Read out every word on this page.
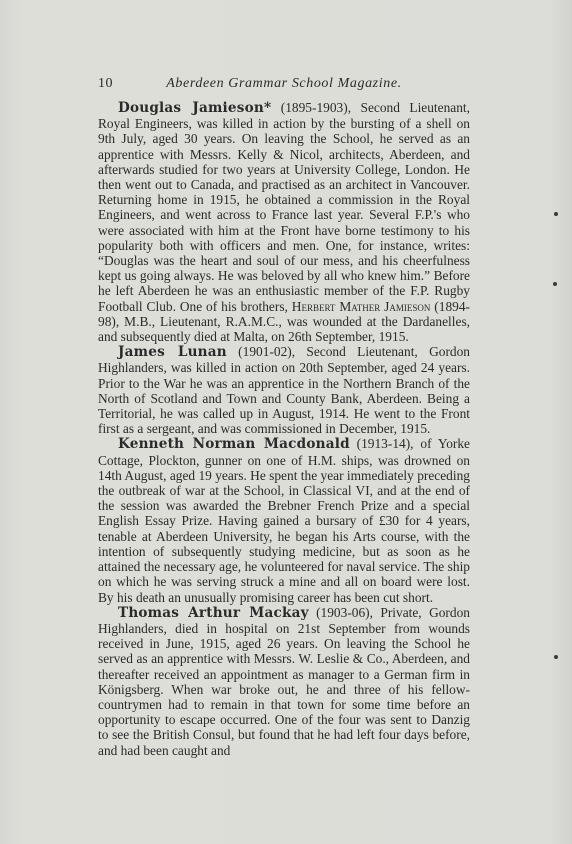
10	Aberdeen Grammar School Magazine.

Douglas Jamieson* (1895-1903), Second Lieutenant, Royal Engineers, was killed in action by the bursting of a shell on 9th July, aged 30 years. On leaving the School, he served as an apprentice with Messrs. Kelly & Nicol, architects, Aberdeen, and afterwards studied for two years at University College, London. He then went out to Canada, and practised as an architect in Vancouver. Returning home in 1915, he obtained a commission in the Royal Engineers, and went across to France last year. Several F.P.'s who were associated with him at the Front have borne testimony to his popularity both with officers and men. One, for instance, writes: “Douglas was the heart and soul of our mess, and his cheerfulness kept us going always. He was beloved by all who knew him.” Before he left Aberdeen he was an enthusiastic member of the F.P. Rugby Football Club. One of his brothers, Herbert Mather Jamieson (1894-98), M.B., Lieutenant, R.A.M.C., was wounded at the Dardanelles, and subsequently died at Malta, on 26th September, 1915.

James Lunan (1901-02), Second Lieutenant, Gordon Highlanders, was killed in action on 20th September, aged 24 years. Prior to the War he was an apprentice in the Northern Branch of the North of Scotland and Town and County Bank, Aberdeen. Being a Territorial, he was called up in August, 1914. He went to the Front first as a sergeant, and was commissioned in December, 1915.

Kenneth Norman Macdonald (1913-14), of Yorke Cottage, Plockton, gunner on one of H.M. ships, was drowned on 14th August, aged 19 years. He spent the year immediately preceding the outbreak of war at the School, in Classical VI, and at the end of the session was awarded the Brebner French Prize and a special English Essay Prize. Having gained a bursary of £30 for 4 years, tenable at Aberdeen University, he began his Arts course, with the intention of subsequently studying medicine, but as soon as he attained the necessary age, he volunteered for naval service. The ship on which he was serving struck a mine and all on board were lost. By his death an unusually promising career has been cut short.

Thomas Arthur Mackay (1903-06), Private, Gordon Highlanders, died in hospital on 21st September from wounds received in June, 1915, aged 26 years. On leaving the School he served as an apprentice with Messrs. W. Leslie & Co., Aberdeen, and thereafter received an appointment as manager to a German firm in Königsberg. When war broke out, he and three of his fellow-countrymen had to remain in that town for some time before an opportunity to escape occurred. One of the four was sent to Danzig to see the British Consul, but found that he had left four days before, and had been caught and
